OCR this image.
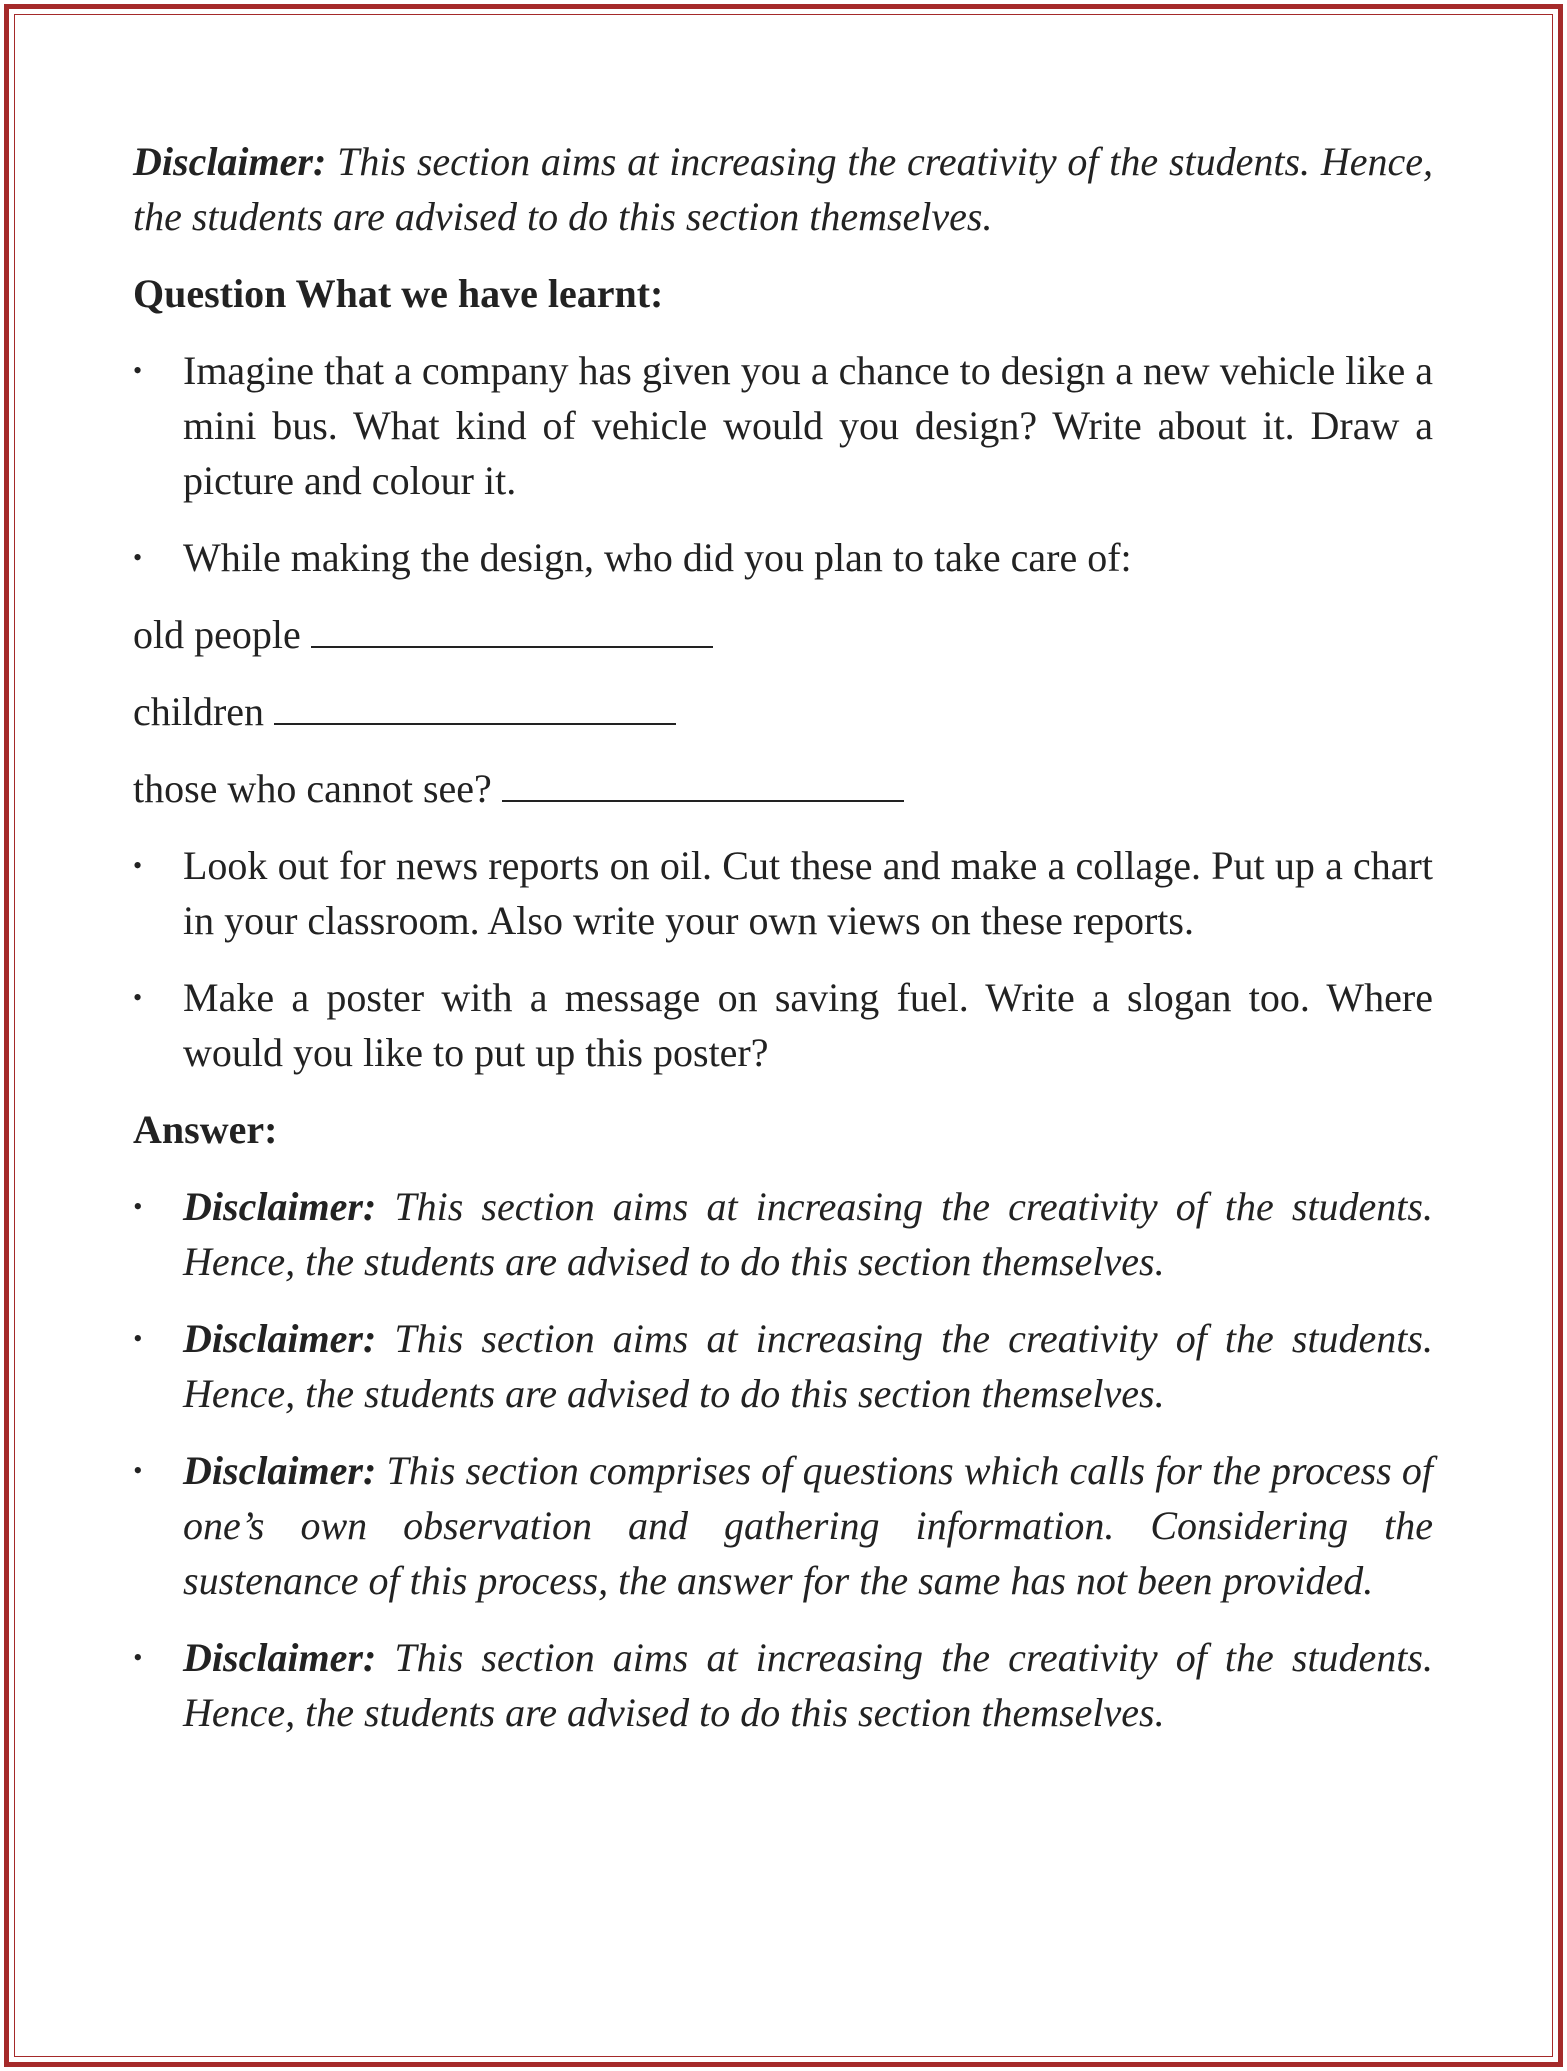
Disclaimer: This section aims at increasing the creativity of the students. Hence, the students are advised to do this section themselves.

Question What we have learnt:

•	Imagine that a company has given you a chance to design a new vehicle like a mini bus. What kind of vehicle would you design? Write about it. Draw a picture and colour it.
•	While making the design, who did you plan to take care of:

old people

children

those who cannot see?

•	Look out for news reports on oil. Cut these and make a collage. Put up a chart in your classroom. Also write your own views on these reports.
•	Make a poster with a message on saving fuel. Write a slogan too. Where would you like to put up this poster?

Answer:

•	Disclaimer: This section aims at increasing the creativity of the students. Hence, the students are advised to do this section themselves.
•	Disclaimer: This section aims at increasing the creativity of the students. Hence, the students are advised to do this section themselves.
•	Disclaimer: This section comprises of questions which calls for the process of one’s own observation and gathering information. Considering the sustenance of this process, the answer for the same has not been provided.
•	Disclaimer: This section aims at increasing the creativity of the students. Hence, the students are advised to do this section themselves.
